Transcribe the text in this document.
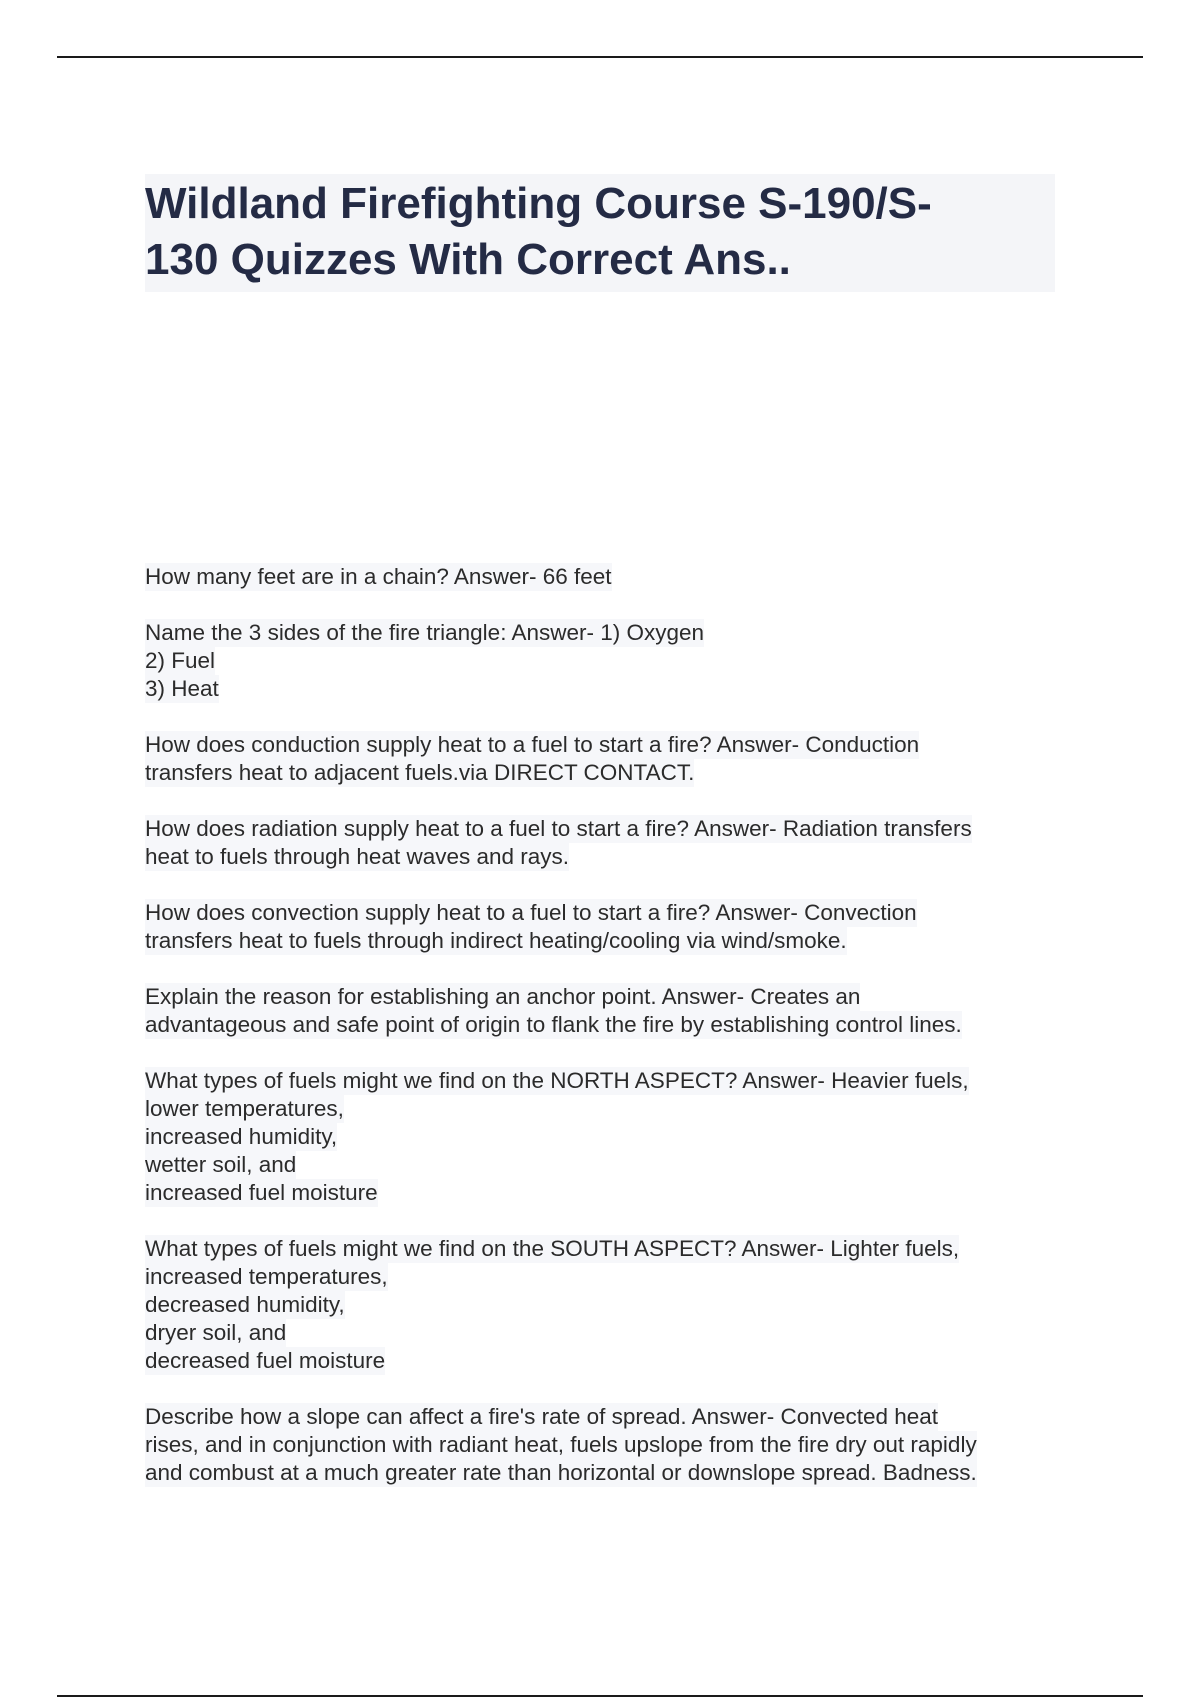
Wildland Firefighting Course S-190/S-
130 Quizzes With Correct Ans..
How many feet are in a chain? Answer- 66 feet
Name the 3 sides of the fire triangle: Answer- 1) Oxygen
2) Fuel
3) Heat
How does conduction supply heat to a fuel to start a fire? Answer- Conduction
transfers heat to adjacent fuels.via DIRECT CONTACT.
How does radiation supply heat to a fuel to start a fire? Answer- Radiation transfers
heat to fuels through heat waves and rays.
How does convection supply heat to a fuel to start a fire? Answer- Convection
transfers heat to fuels through indirect heating/cooling via wind/smoke.
Explain the reason for establishing an anchor point. Answer- Creates an
advantageous and safe point of origin to flank the fire by establishing control lines.
What types of fuels might we find on the NORTH ASPECT? Answer- Heavier fuels,
lower temperatures,
increased humidity,
wetter soil, and
increased fuel moisture
What types of fuels might we find on the SOUTH ASPECT? Answer- Lighter fuels,
increased temperatures,
decreased humidity,
dryer soil, and
decreased fuel moisture
Describe how a slope can affect a fire's rate of spread. Answer- Convected heat
rises, and in conjunction with radiant heat, fuels upslope from the fire dry out rapidly
and combust at a much greater rate than horizontal or downslope spread. Badness.
